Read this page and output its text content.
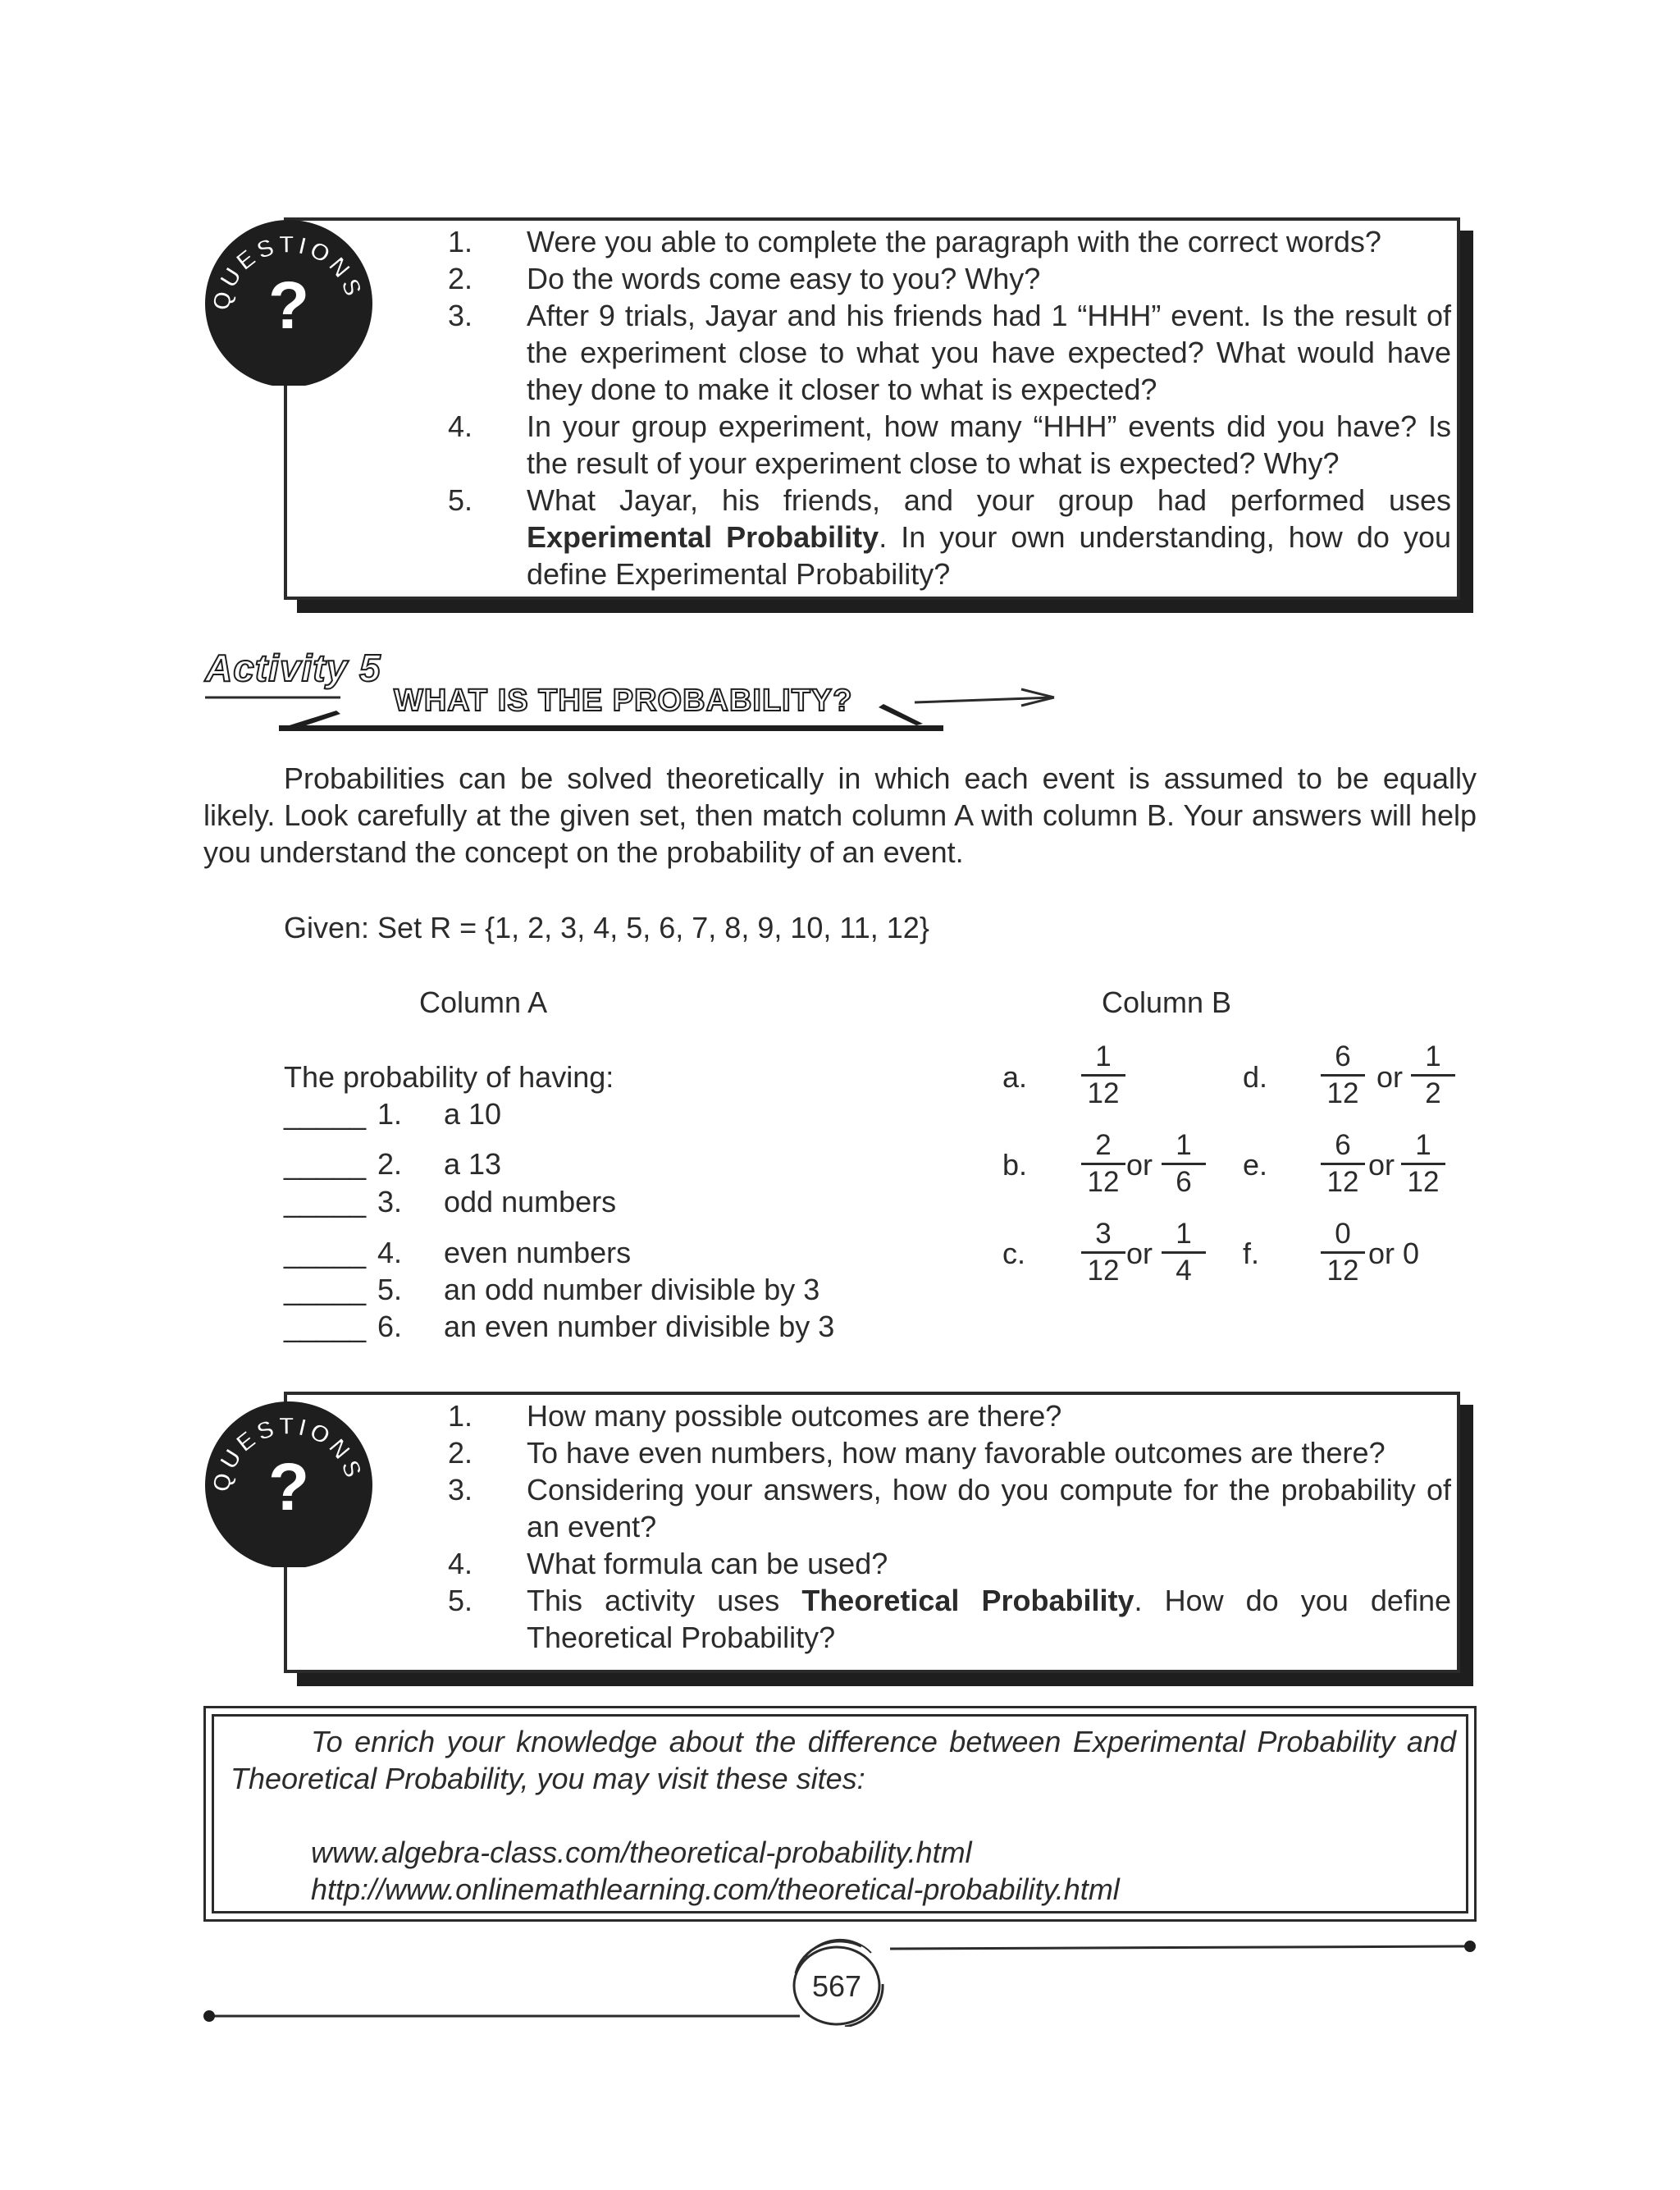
1. Were you able to complete the paragraph with the correct words?
2. Do the words come easy to you? Why?
3. After 9 trials, Jayar and his friends had 1 “HHH” event. Is the result of the experiment close to what you have expected? What would have they done to make it closer to what is expected?
4. In your group experiment, how many “HHH” events did you have? Is the result of your experiment close to what is expected? Why?
5. What Jayar, his friends, and your group had performed uses Experimental Probability. In your own understanding, how do you define Experimental Probability?
QUESTIONS
?
Activity 5
WHAT IS THE PROBABILITY?

Probabilities can be solved theoretically in which each event is assumed to be equally likely. Look carefully at the given set, then match column A with column B. Your answers will help you understand the concept on the probability of an event.

Given: Set R = {1, 2, 3, 4, 5, 6, 7, 8, 9, 10, 11, 12}
Column A	Column B
The probability of having:
_____ 1. a 10
_____ 2. a 13
_____ 3. odd numbers
_____ 4. even numbers
_____ 5. an odd number divisible by 3
_____ 6. an even number divisible by 3
a.
1
12
b.
2
12
or
1
6
c.
3
12
or
1
4
d.
6
12 or
1
2
e.
6
12
or
1
12
f.
0
12
or 0
1. How many possible outcomes are there?
2. To have even numbers, how many favorable outcomes are there?
3. Considering your answers, how do you compute for the probability of an event?
4. What formula can be used?
5. This activity uses Theoretical Probability. How do you define Theoretical Probability?
QUESTIONS
?

To enrich your knowledge about the difference between Experimental Probability and Theoretical Probability, you may visit these sites:

www.algebra-class.com/theoretical-probability.html

http://www.onlinemathlearning.com/theoretical-probability.html

567
